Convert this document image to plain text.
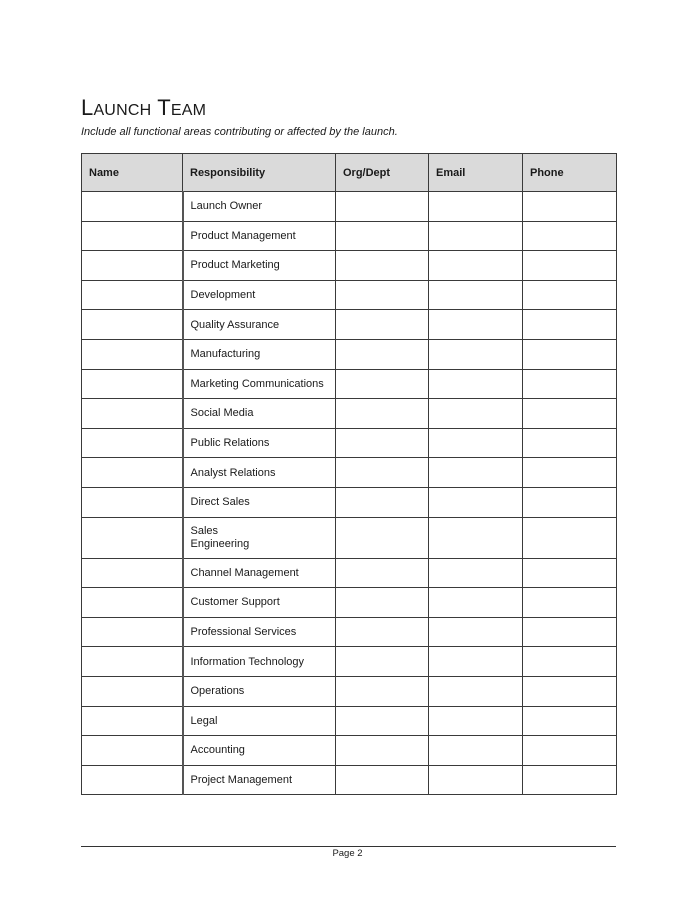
LAUNCH TEAM
Include all functional areas contributing or affected by the launch.
Name	Responsibility	Org/Dept	Email	Phone
	Launch Owner			
	Product Management			
	Product Marketing			
	Development			
	Quality Assurance			
	Manufacturing			
	Marketing Communications			
	Social Media			
	Public Relations			
	Analyst Relations			
	Direct Sales			
	Sales
Engineering			
	Channel Management			
	Customer Support			
	Professional Services			
	Information Technology			
	Operations			
	Legal			
	Accounting			
	Project Management			
Page 2
